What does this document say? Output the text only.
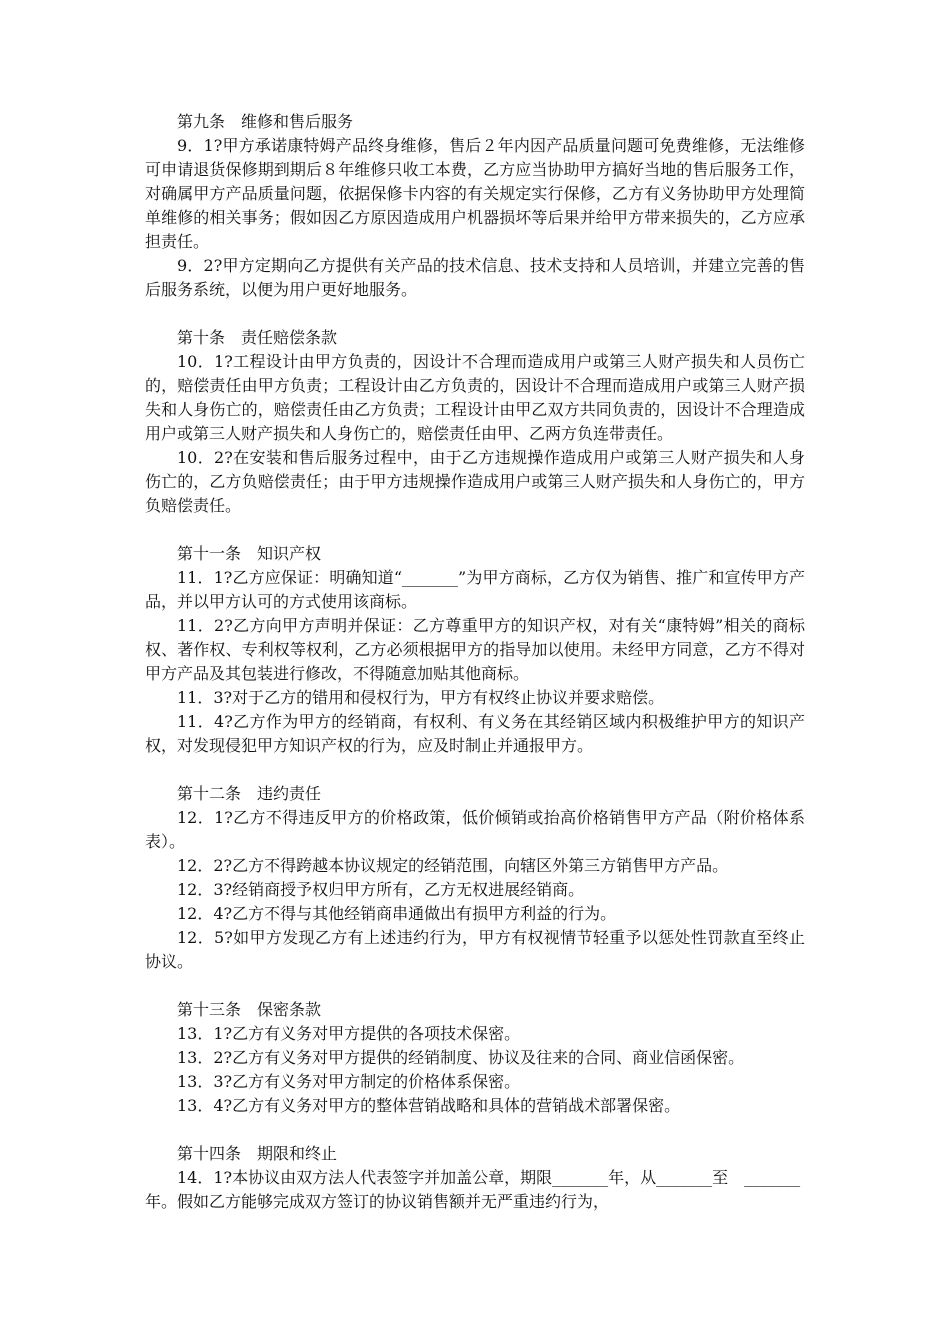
第九条　维修和售后服务

9．1?甲方承诺康特姆产品终身维修，售后２年内因产品质量问题可免费维修，无法维修可申请退货保修期到期后８年维修只收工本费，乙方应当协助甲方搞好当地的售后服务工作，对确属甲方产品质量问题，依据保修卡内容的有关规定实行保修，乙方有义务协助甲方处理简单维修的相关事务；假如因乙方原因造成用户机器损坏等后果并给甲方带来损失的，乙方应承担责任。

9．2?甲方定期向乙方提供有关产品的技术信息、技术支持和人员培训，并建立完善的售后服务系统，以便为用户更好地服务。

第十条　责任赔偿条款

10．1?工程设计由甲方负责的，因设计不合理而造成用户或第三人财产损失和人员伤亡的，赔偿责任由甲方负责；工程设计由乙方负责的，因设计不合理而造成用户或第三人财产损失和人身伤亡的，赔偿责任由乙方负责；工程设计由甲乙双方共同负责的，因设计不合理造成用户或第三人财产损失和人身伤亡的，赔偿责任由甲、乙两方负连带责任。

10．2?在安装和售后服务过程中，由于乙方违规操作造成用户或第三人财产损失和人身伤亡的，乙方负赔偿责任；由于甲方违规操作造成用户或第三人财产损失和人身伤亡的，甲方负赔偿责任。

第十一条　知识产权

11．1?乙方应保证：明确知道“_______”为甲方商标，乙方仅为销售、推广和宣传甲方产品，并以甲方认可的方式使用该商标。

11．2?乙方向甲方声明并保证：乙方尊重甲方的知识产权，对有关“康特姆”相关的商标权、著作权、专利权等权利，乙方必须根据甲方的指导加以使用。未经甲方同意，乙方不得对甲方产品及其包装进行修改，不得随意加贴其他商标。

11．3?对于乙方的错用和侵权行为，甲方有权终止协议并要求赔偿。

11．4?乙方作为甲方的经销商，有权利、有义务在其经销区域内积极维护甲方的知识产权，对发现侵犯甲方知识产权的行为，应及时制止并通报甲方。

第十二条　违约责任

12．1?乙方不得违反甲方的价格政策，低价倾销或抬高价格销售甲方产品（附价格体系表）。

12．2?乙方不得跨越本协议规定的经销范围，向辖区外第三方销售甲方产品。

12．3?经销商授予权归甲方所有，乙方无权进展经销商。

12．4?乙方不得与其他经销商串通做出有损甲方利益的行为。

12．5?如甲方发现乙方有上述违约行为，甲方有权视情节轻重予以惩处性罚款直至终止协议。

第十三条　保密条款

13．1?乙方有义务对甲方提供的各项技术保密。

13．2?乙方有义务对甲方提供的经销制度、协议及往来的合同、商业信函保密。

13．3?乙方有义务对甲方制定的价格体系保密。

13．4?乙方有义务对甲方的整体营销战略和具体的营销战术部署保密。

第十四条　期限和终止

14．1?本协议由双方法人代表签字并加盖公章，期限_______年，从_______至　_______年。假如乙方能够完成双方签订的协议销售额并无严重违约行为，
